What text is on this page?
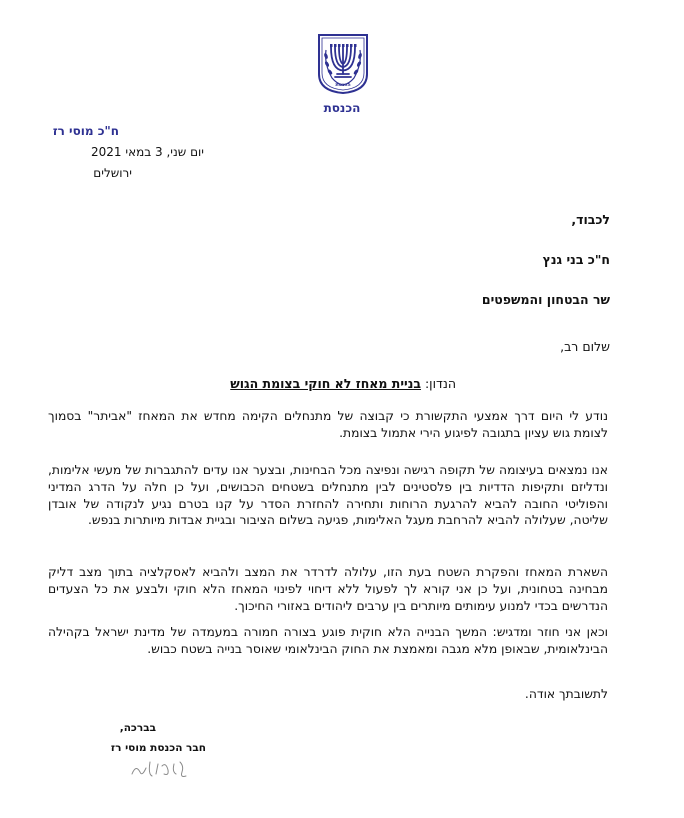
הכנסת
הכנסת
ח"כ מוסי רז
יום שני, 3 במאי 2021
ירושלים
לכבוד,
ח"כ בני גנץ
שר הבטחון והמשפטים
שלום רב,
הנדון: בניית מאחז לא חוקי בצומת הגוש
נודע לי היום דרך אמצעי התקשורת כי קבוצה של מתנחלים הקימה מחדש את המאחז "אביתר" בסמוך לצומת גוש עציון בתגובה לפיגוע הירי אתמול בצומת.
אנו נמצאים בעיצומה של תקופה רגישה ונפיצה מכל הבחינות, ובצער אנו עדים להתגברות של מעשי אלימות, ונדליזם ותקיפות הדדיות בין פלסטינים לבין מתנחלים בשטחים הכבושים, ועל כן חלה על הדרג המדיני והפוליטי החובה להביא להרגעת הרוחות ותחירה להחזרת הסדר על קנו בטרם נגיע לנקודה של אובדן שליטה, שעלולה להביא להרחבת מעגל האלימות, פגיעה בשלום הציבור ובגיית אבדות מיותרות בנפש.
השארת המאחז והפקרת השטח בעת הזו, עלולה לדרדר את המצב ולהביא לאסקלציה בתוך מצב דליק מבחינה בטחונית, ועל כן אני קורא לך לפעול ללא דיחוי לפינוי המאחז הלא חוקי ולבצע את כל הצעדים הנדרשים בכדי למנוע עימותים מיותרים בין ערבים ליהודים באזורי החיכוך.
וכאן אני חוזר ומדגיש: המשך הבנייה הלא חוקית פוגע בצורה חמורה במעמדה של מדינת ישראל בקהילה הבינלאומית, שבאופן מלא מגבה ומאמצת את החוק הבינלאומי שאוסר בנייה בשטח כבוש.
לתשובתך אודה.
בברכה,
חבר הכנסת מוסי רז
